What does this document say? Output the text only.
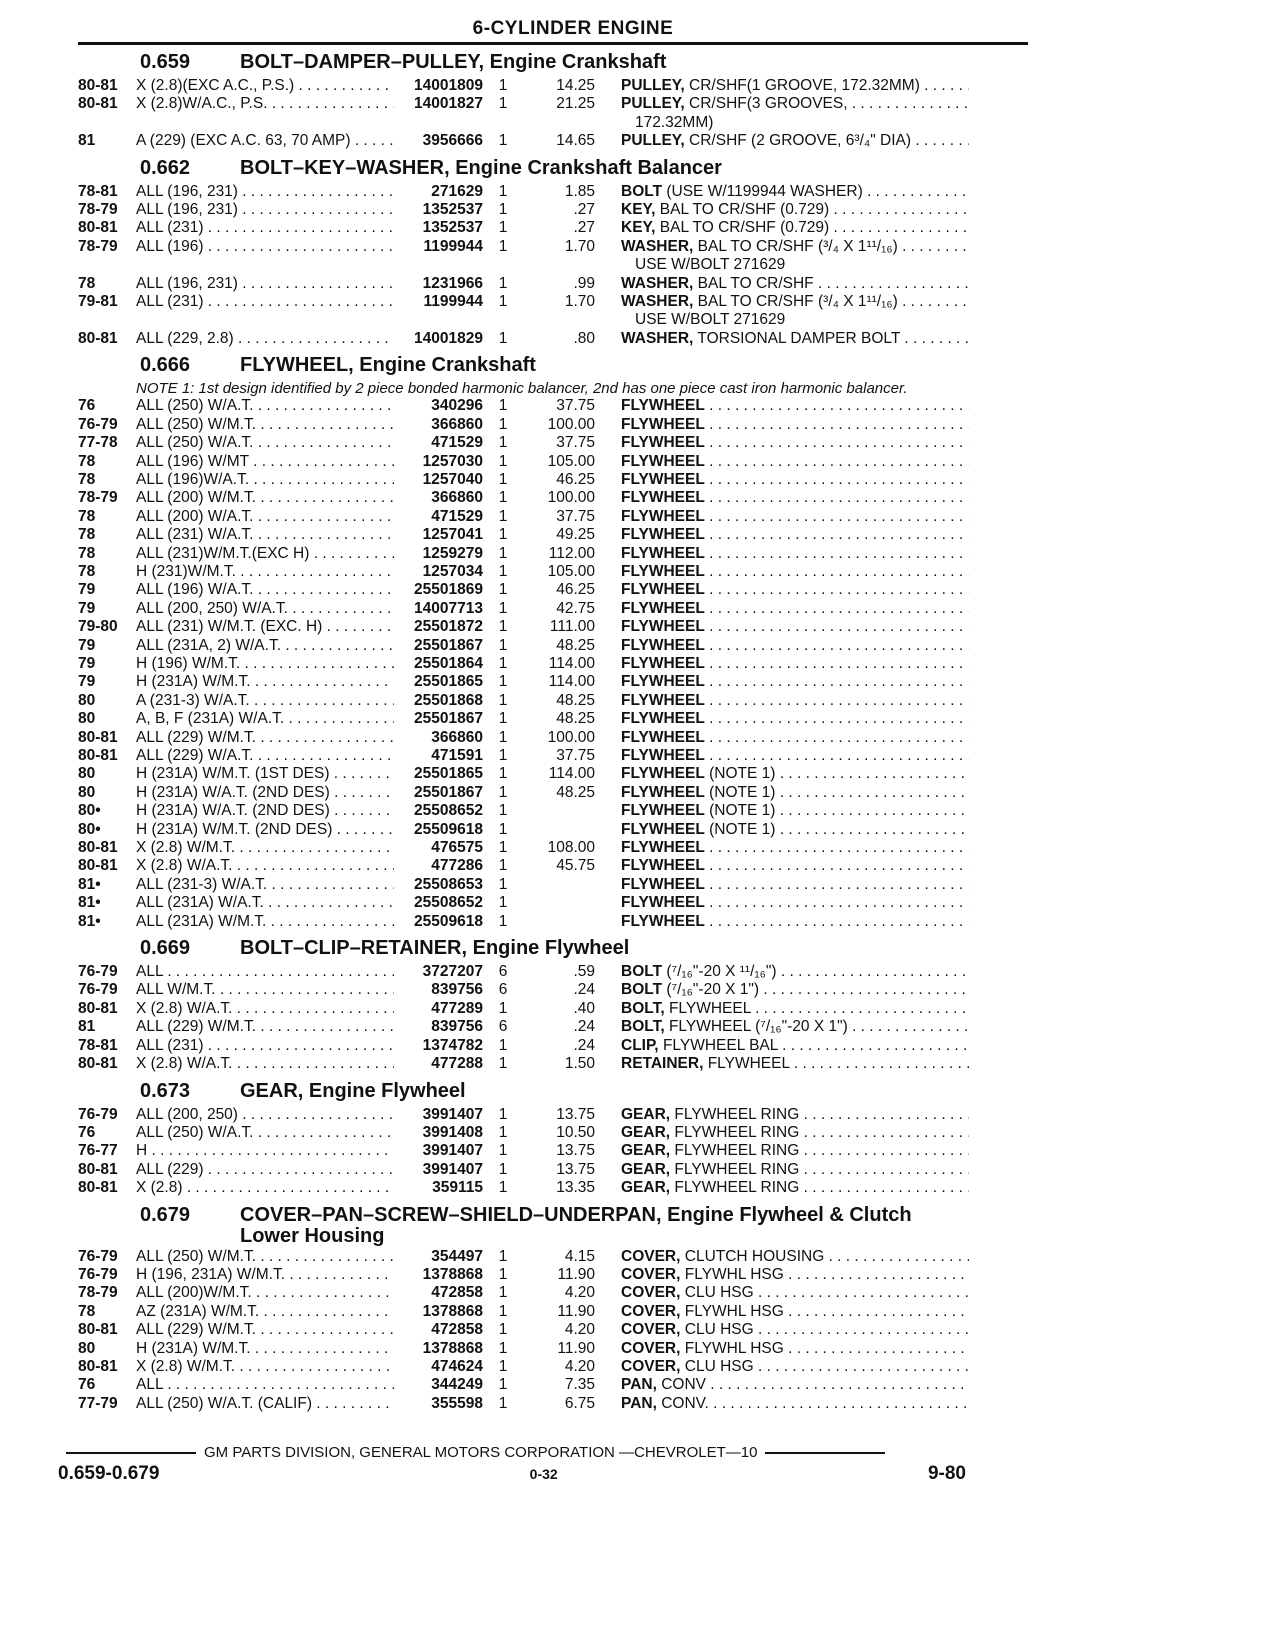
6-CYLINDER ENGINE
0.659	BOLT–DAMPER–PULLEY, Engine Crankshaft
80-81	X (2.8)(EXC A.C., P.S.) . . .	14001809	1	14.25 PULLEY, CR/SHF(1 GROOVE, 172.32MM) . . .
80-81	X (2.8)W/A.C., P.S. . . .	14001827	1	21.25 PULLEY, CR/SHF(3 GROOVES, . . .
172.32MM)
81	A (229) (EXC A.C. 63, 70 AMP) . . .	3956666	1	14.65 PULLEY, CR/SHF (2 GROOVE, 6³/₄" DIA) . . .
0.662	BOLT–KEY–WASHER, Engine Crankshaft Balancer
78-81	ALL (196, 231) . . .	271629	1	1.85 BOLT (USE W/1199944 WASHER) . . .
78-79	ALL (196, 231) . . .	1352537	1	.27 KEY, BAL TO CR/SHF (0.729) . . .
80-81	ALL (231) . . .	1352537	1	.27 KEY, BAL TO CR/SHF (0.729) . . .
78-79	ALL (196) . . .	1199944	1	1.70 WASHER, BAL TO CR/SHF (³/₄ X 1¹¹/₁₆) . . .
USE W/BOLT 271629
78	ALL (196, 231) . . .	1231966	1	.99 WASHER, BAL TO CR/SHF . . .
79-81	ALL (231) . . .	1199944	1	1.70 WASHER, BAL TO CR/SHF (³/₄ X 1¹¹/₁₆) . . .
USE W/BOLT 271629
80-81	ALL (229, 2.8) . . .	14001829	1	.80 WASHER, TORSIONAL DAMPER BOLT . . .
0.666	FLYWHEEL, Engine Crankshaft
NOTE 1: 1st design identified by 2 piece bonded harmonic balancer, 2nd has one piece cast iron harmonic balancer.
76	ALL (250) W/A.T. . . .	340296	1	37.75 FLYWHEEL . . .
76-79	ALL (250) W/M.T. . . .	366860	1	100.00 FLYWHEEL . . .
77-78	ALL (250) W/A.T. . . .	471529	1	37.75 FLYWHEEL . . .
78	ALL (196) W/MT . . .	1257030	1	105.00 FLYWHEEL . . .
78	ALL (196)W/A.T. . . .	1257040	1	46.25 FLYWHEEL . . .
78-79	ALL (200) W/M.T. . . .	366860	1	100.00 FLYWHEEL . . .
78	ALL (200) W/A.T. . . .	471529	1	37.75 FLYWHEEL . . .
78	ALL (231) W/A.T. . . .	1257041	1	49.25 FLYWHEEL . . .
78	ALL (231)W/M.T.(EXC H) . . .	1259279	1	112.00 FLYWHEEL . . .
78	H (231)W/M.T. . . .	1257034	1	105.00 FLYWHEEL . . .
79	ALL (196) W/A.T. . . .	25501869	1	46.25 FLYWHEEL . . .
79	ALL (200, 250) W/A.T. . . .	14007713	1	42.75 FLYWHEEL . . .
79-80	ALL (231) W/M.T. (EXC. H) . . .	25501872	1	111.00 FLYWHEEL . . .
79	ALL (231A, 2) W/A.T. . . .	25501867	1	48.25 FLYWHEEL . . .
79	H (196) W/M.T. . . .	25501864	1	114.00 FLYWHEEL . . .
79	H (231A) W/M.T. . . .	25501865	1	114.00 FLYWHEEL . . .
80	A (231-3) W/A.T. . . .	25501868	1	48.25 FLYWHEEL . . .
80	A, B, F (231A) W/A.T. . . .	25501867	1	48.25 FLYWHEEL . . .
80-81	ALL (229) W/M.T. . . .	366860	1	100.00 FLYWHEEL . . .
80-81	ALL (229) W/A.T. . . .	471591	1	37.75 FLYWHEEL . . .
80	H (231A) W/M.T. (1ST DES) . . .	25501865	1	114.00 FLYWHEEL (NOTE 1) . . .
80	H (231A) W/A.T. (2ND DES) . . .	25501867	1	48.25 FLYWHEEL (NOTE 1) . . .
80•	H (231A) W/A.T. (2ND DES) . . .	25508652	1	FLYWHEEL (NOTE 1) . . .
80•	H (231A) W/M.T. (2ND DES) . . .	25509618	1	FLYWHEEL (NOTE 1) . . .
80-81	X (2.8) W/M.T. . . .	476575	1	108.00 FLYWHEEL . . .
80-81	X (2.8) W/A.T. . . .	477286	1	45.75 FLYWHEEL . . .
81•	ALL (231-3) W/A.T. . . .	25508653	1	FLYWHEEL . . .
81•	ALL (231A) W/A.T. . . .	25508652	1	FLYWHEEL . . .
81•	ALL (231A) W/M.T. . . .	25509618	1	FLYWHEEL . . .
0.669	BOLT–CLIP–RETAINER, Engine Flywheel
76-79	ALL . . .	3727207	6	.59 BOLT (⁷/₁₆"-20 X ¹¹/₁₆") . . .
76-79	ALL W/M.T. . . .	839756	6	.24 BOLT (⁷/₁₆"-20 X 1") . . .
80-81	X (2.8) W/A.T. . . .	477289	1	.40 BOLT, FLYWHEEL . . .
81	ALL (229) W/M.T. . . .	839756	6	.24 BOLT, FLYWHEEL (⁷/₁₆"-20 X 1") . . .
78-81	ALL (231) . . .	1374782	1	.24 CLIP, FLYWHEEL BAL . . .
80-81	X (2.8) W/A.T. . . .	477288	1	1.50 RETAINER, FLYWHEEL . . .
0.673	GEAR, Engine Flywheel
76-79	ALL (200, 250) . . .	3991407	1	13.75 GEAR, FLYWHEEL RING . . .
76	ALL (250) W/A.T. . . .	3991408	1	10.50 GEAR, FLYWHEEL RING . . .
76-77	H . . .	3991407	1	13.75 GEAR, FLYWHEEL RING . . .
80-81	ALL (229) . . .	3991407	1	13.75 GEAR, FLYWHEEL RING . . .
80-81	X (2.8) . . .	359115	1	13.35 GEAR, FLYWHEEL RING . . .
0.679	COVER–PAN–SCREW–SHIELD–UNDERPAN, Engine Flywheel & Clutch
Lower Housing
76-79	ALL (250) W/M.T. . . .	354497	1	4.15 COVER, CLUTCH HOUSING . . .
76-79	H (196, 231A) W/M.T. . . .	1378868	1	11.90 COVER, FLYWHL HSG . . .
78-79	ALL (200)W/M.T. . . .	472858	1	4.20 COVER, CLU HSG . . .
78	AZ (231A) W/M.T. . . .	1378868	1	11.90 COVER, FLYWHL HSG . . .
80-81	ALL (229) W/M.T. . . .	472858	1	4.20 COVER, CLU HSG . . .
80	H (231A) W/M.T. . . .	1378868	1	11.90 COVER, FLYWHL HSG . . .
80-81	X (2.8) W/M.T. . . .	474624	1	4.20 COVER, CLU HSG . . .
76	ALL . . .	344249	1	7.35 PAN, CONV . . .
77-79	ALL (250) W/A.T. (CALIF) . . .	355598	1	6.75 PAN, CONV. . . .
GM PARTS DIVISION, GENERAL MOTORS CORPORATION —CHEVROLET—10
0.659-0.679	0-32	9-80
